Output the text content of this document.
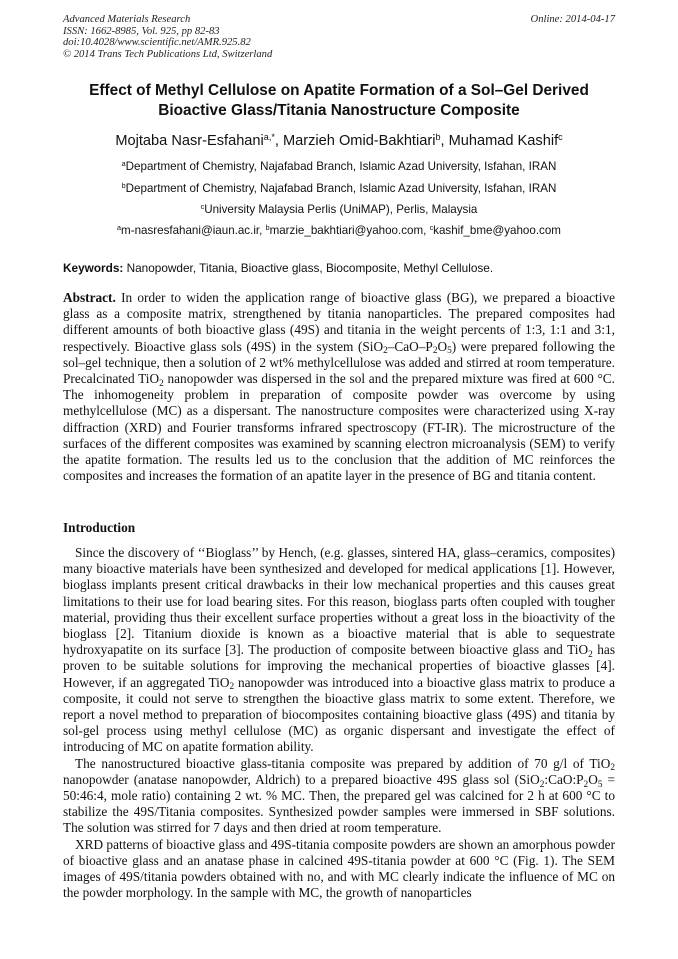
Advanced Materials Research
ISSN: 1662-8985, Vol. 925, pp 82-83
doi:10.4028/www.scientific.net/AMR.925.82
© 2014 Trans Tech Publications Ltd, Switzerland
Online: 2014-04-17
Effect of Methyl Cellulose on Apatite Formation of a Sol–Gel Derived
Bioactive Glass/Titania Nanostructure Composite
Mojtaba Nasr-Esfahani$^{a,*}$, Marzieh Omid-Bakhtiari$^b$, Muhamad Kashif$^c$
$^a$Department of Chemistry, Najafabad Branch, Islamic Azad University, Isfahan, IRAN
$^b$Department of Chemistry, Najafabad Branch, Islamic Azad University, Isfahan, IRAN
$^c$University Malaysia Perlis (UniMAP), Perlis, Malaysia
$^a$m-nasresfahani@iaun.ac.ir, $^b$marzie_bakhtiari@yahoo.com, $^c$kashif_bme@yahoo.com
Keywords: Nanopowder, Titania, Bioactive glass, Biocomposite, Methyl Cellulose.

Abstract. In order to widen the application range of bioactive glass (BG), we prepared a bioactive glass as a composite matrix, strengthened by titania nanoparticles. The prepared composites had different amounts of both bioactive glass (49S) and titania in the weight percents of 1:3, 1:1 and 3:1, respectively. Bioactive glass sols (49S) in the system $(SiO_2-CaO-P_2O_5)$ were prepared following the sol–gel technique, then a solution of 2 wt% methylcellulose was added and stirred at room temperature. Precalcinated TiO$_2$ nanopowder was dispersed in the sol and the prepared mixture was fired at 600 °C. The inhomogeneity problem in preparation of composite powder was overcome by using methylcellulose (MC) as a dispersant. The nanostructure composites were characterized using X-ray diffraction (XRD) and Fourier transforms infrared spectroscopy (FT-IR). The microstructure of the surfaces of the different composites was examined by scanning electron microanalysis (SEM) to verify the apatite formation. The results led us to the conclusion that the addition of MC reinforces the composites and increases the formation of an apatite layer in the presence of BG and titania content.

Introduction

Since the discovery of ‘‘Bioglass’’ by Hench, (e.g. glasses, sintered HA, glass–ceramics, composites) many bioactive materials have been synthesized and developed for medical applications [1]. However, bioglass implants present critical drawbacks in their low mechanical properties and this causes great limitations to their use for load bearing sites. For this reason, bioglass parts often coupled with tougher material, providing thus their excellent surface properties without a great loss in the bioactivity of the bioglass [2]. Titanium dioxide is known as a bioactive material that is able to sequestrate hydroxyapatite on its surface [3]. The production of composite between bioactive glass and TiO$_2$ has proven to be suitable solutions for improving the mechanical properties of bioactive glasses [4]. However, if an aggregated TiO$_2$ nanopowder was introduced into a bioactive glass matrix to produce a composite, it could not serve to strengthen the bioactive glass matrix to some extent. Therefore, we report a novel method to preparation of biocomposites containing bioactive glass (49S) and titania by sol-gel process using methyl cellulose (MC) as organic dispersant and investigate the effect of introducing of MC on apatite formation ability.

The nanostructured bioactive glass-titania composite was prepared by addition of 70 g/l of TiO$_2$ nanopowder (anatase nanopowder, Aldrich) to a prepared bioactive 49S glass sol ($SiO_2:CaO:P_2O_5$ = 50:46:4, mole ratio) containing 2 wt. % MC. Then, the prepared gel was calcined for 2 h at 600 °C to stabilize the 49S/Titania composites. Synthesized powder samples were immersed in SBF solutions. The solution was stirred for 7 days and then dried at room temperature.

XRD patterns of bioactive glass and 49S-titania composite powders are shown an amorphous powder of bioactive glass and an anatase phase in calcined 49S-titania powder at 600 °C (Fig. 1). The SEM images of 49S/titania powders obtained with no, and with MC clearly indicate the influence of MC on the powder morphology. In the sample with MC, the growth of nanoparticles
